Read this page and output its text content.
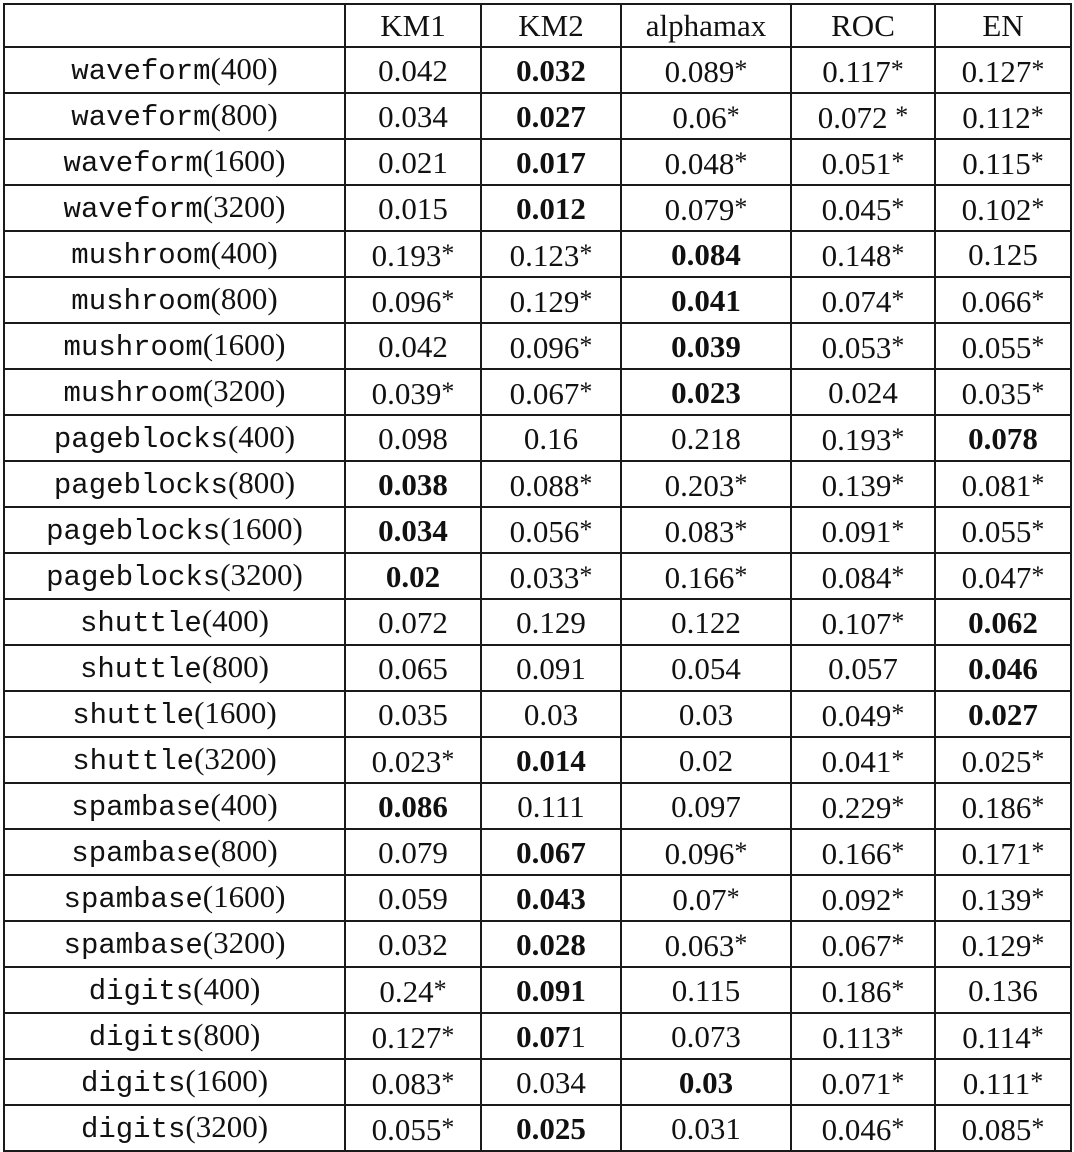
	KM1	KM2	alphamax	ROC	EN
waveform(400)	0.042	0.032	0.089*	0.117*	0.127*
waveform(800)	0.034	0.027	0.06*	0.072 *	0.112*
waveform(1600)	0.021	0.017	0.048*	0.051*	0.115*
waveform(3200)	0.015	0.012	0.079*	0.045*	0.102*
mushroom(400)	0.193*	0.123*	0.084	0.148*	0.125
mushroom(800)	0.096*	0.129*	0.041	0.074*	0.066*
mushroom(1600)	0.042	0.096*	0.039	0.053*	0.055*
mushroom(3200)	0.039*	0.067*	0.023	0.024	0.035*
pageblocks(400)	0.098	0.16	0.218	0.193*	0.078
pageblocks(800)	0.038	0.088*	0.203*	0.139*	0.081*
pageblocks(1600)	0.034	0.056*	0.083*	0.091*	0.055*
pageblocks(3200)	0.02	0.033*	0.166*	0.084*	0.047*
shuttle(400)	0.072	0.129	0.122	0.107*	0.062
shuttle(800)	0.065	0.091	0.054	0.057	0.046
shuttle(1600)	0.035	0.03	0.03	0.049*	0.027
shuttle(3200)	0.023*	0.014	0.02	0.041*	0.025*
spambase(400)	0.086	0.111	0.097	0.229*	0.186*
spambase(800)	0.079	0.067	0.096*	0.166*	0.171*
spambase(1600)	0.059	0.043	0.07*	0.092*	0.139*
spambase(3200)	0.032	0.028	0.063*	0.067*	0.129*
digits(400)	0.24*	0.091	0.115	0.186*	0.136
digits(800)	0.127*	0.071	0.073	0.113*	0.114*
digits(1600)	0.083*	0.034	0.03	0.071*	0.111*
digits(3200)	0.055*	0.025	0.031	0.046*	0.085*
